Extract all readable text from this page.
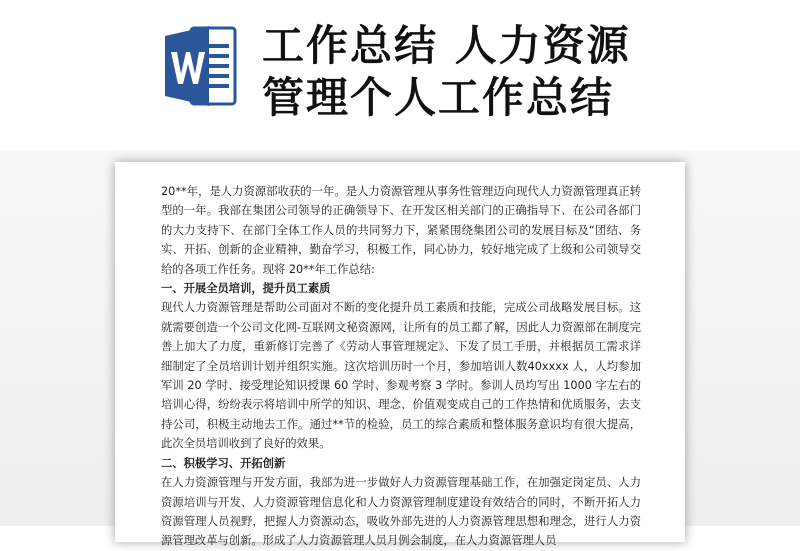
工作总结 人力资源
管理个人工作总结

20**年，是人力资源部收获的一年。是人力资源管理从事务性管理迈向现代人力资源管理真正转型的一年。我部在集团公司领导的正确领导下、在开发区相关部门的正确指导下、在公司各部门的大力支持下、在部门全体工作人员的共同努力下，紧紧围绕集团公司的发展目标及“团结、务实、开拓、创新的企业精神，勤奋学习，积极工作，同心协力，较好地完成了上级和公司领导交给的各项工作任务。现将 20**年工作总结:

一、开展全员培训，提升员工素质

现代人力资源管理是帮助公司面对不断的变化提升员工素质和技能，完成公司战略发展目标。这就需要创造一个公司文化网-互联网文秘资源网，让所有的员工都了解，因此人力资源部在制度完善上加大了力度，重新修订完善了《劳动人事管理规定》、下发了员工手册，并根据员工需求详细制定了全员培训计划并组织实施。这次培训历时一个月，参加培训人数40xxxx 人，人均参加军训 20 学时、接受理论知识授课 60 学时、参观考察 3 学时。参训人员均写出 1000 字左右的培训心得，纷纷表示将培训中所学的知识、理念、价值观变成自己的工作热情和优质服务，去支持公司，积极主动地去工作。通过**节的检验，员工的综合素质和整体服务意识均有很大提高，此次全员培训收到了良好的效果。

二、积极学习、开拓创新

在人力资源管理与开发方面，我部为进一步做好人力资源管理基础工作，在加强定岗定员、人力资源培训与开发、人力资源管理信息化和人力资源管理制度建设有效结合的同时，不断开拓人力资源管理人员视野，把握人力资源动态，吸收外部先进的人力资源管理思想和理念，进行人力资源管理改革与创新。形成了人力资源管理人员月例会制度，在人力资源管理人员
